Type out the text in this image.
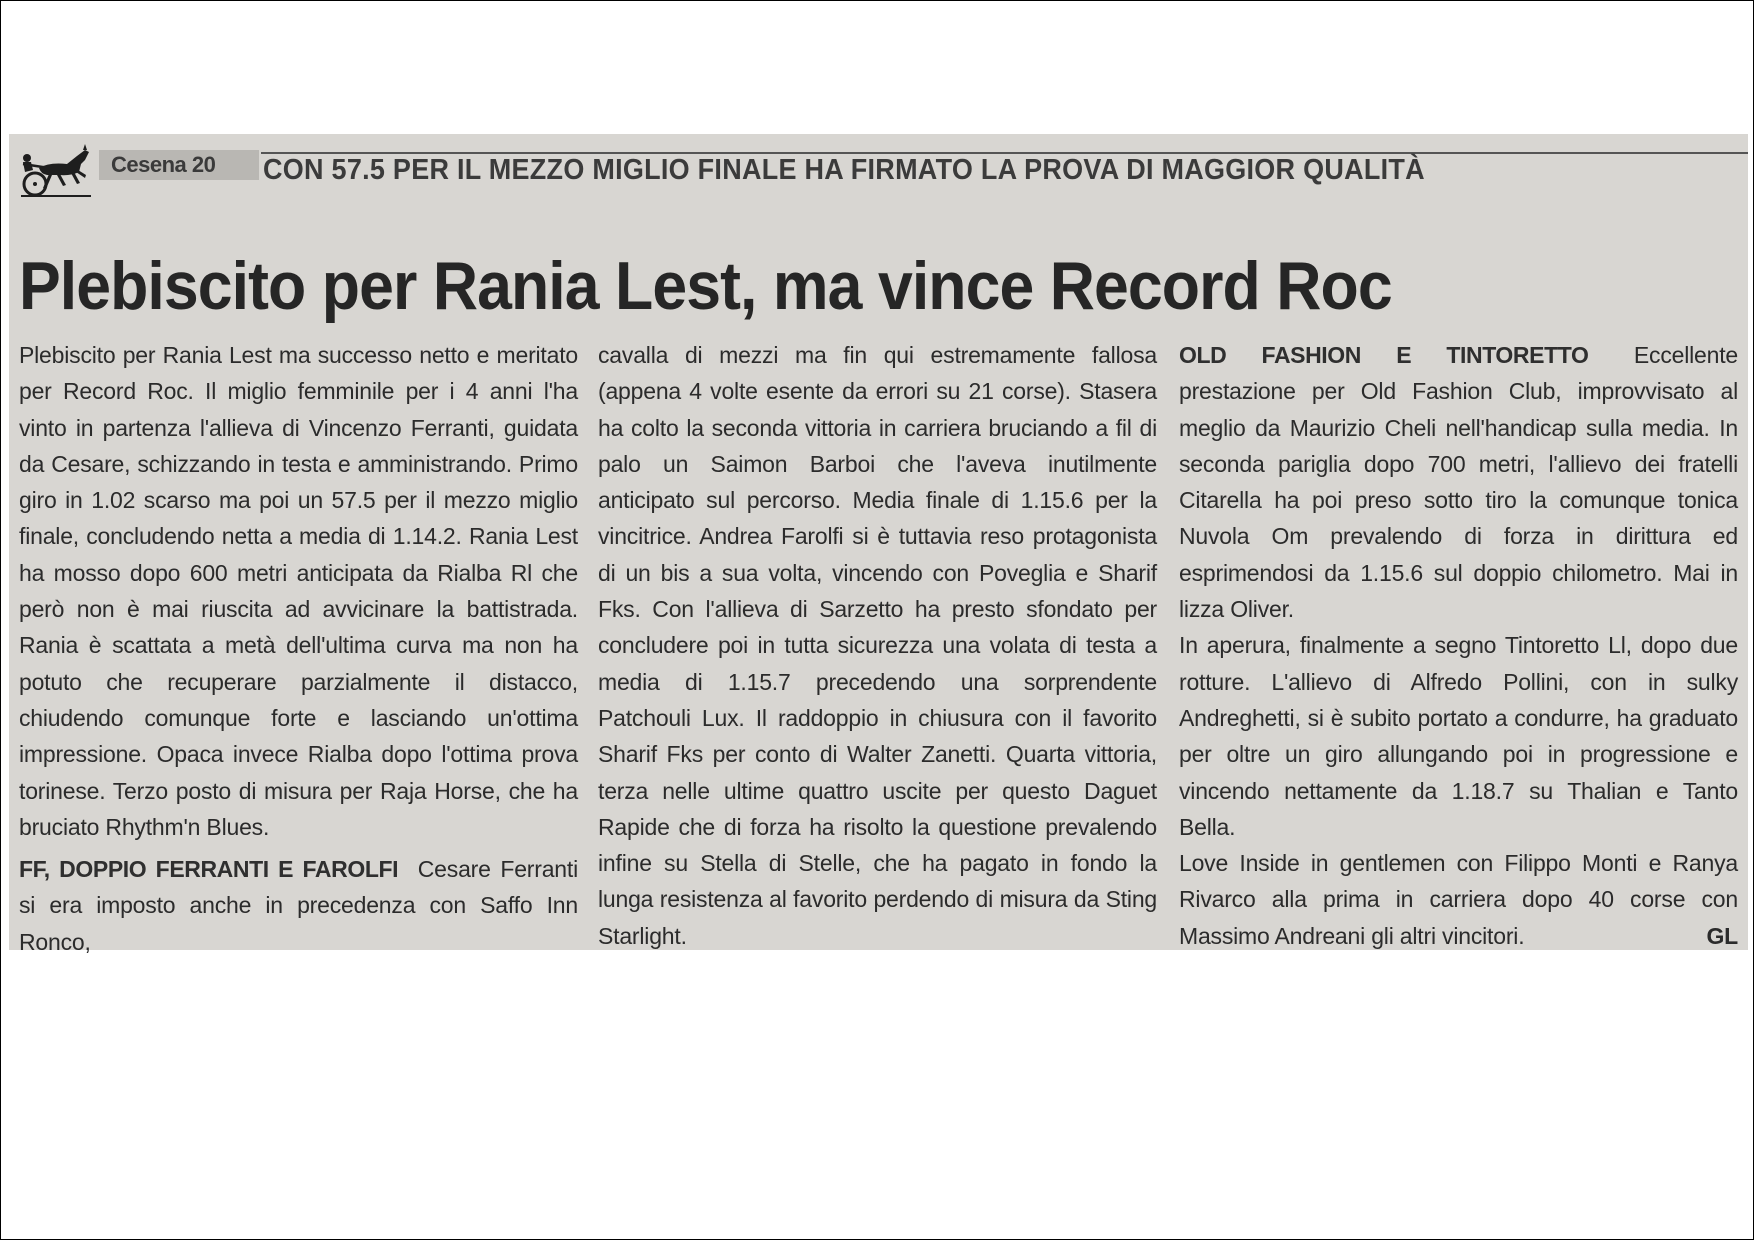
Cesena 20	CON 57.5 PER IL MEZZO MIGLIO FINALE HA FIRMATO LA PROVA DI MAGGIOR QUALITÀ
Plebiscito per Rania Lest, ma vince Record Roc

Plebiscito per Rania Lest ma successo netto e meritato per Record Roc. Il miglio femminile per i 4 anni l'ha vinto in partenza l'allieva di Vincenzo Ferranti, guidata da Cesare, schizzando in testa e amministrando. Primo giro in 1.02 scarso ma poi un 57.5 per il mezzo miglio finale, concludendo netta a media di 1.14.2. Rania Lest ha mosso dopo 600 metri anticipata da Rialba Rl che però non è mai riuscita ad avvicinare la battistrada. Rania è scattata a metà dell'ultima curva ma non ha potuto che recuperare parzialmente il distacco, chiudendo comunque forte e lasciando un'ottima impressione. Opaca invece Rialba dopo l'ottima prova torinese. Terzo posto di misura per Raja Horse, che ha bruciato Rhythm'n Blues.

FF, DOPPIO FERRANTI E FAROLFI Cesare Ferranti si era imposto anche in precedenza con Saffo Inn Ronco,

cavalla di mezzi ma fin qui estremamente fallosa (appena 4 volte esente da errori su 21 corse). Stasera ha colto la seconda vittoria in carriera bruciando a fil di palo un Saimon Barboi che l'aveva inutilmente anticipato sul percorso. Media finale di 1.15.6 per la vincitrice. Andrea Farolfi si è tuttavia reso protagonista di un bis a sua volta, vincendo con Poveglia e Sharif Fks. Con l'allieva di Sarzetto ha presto sfondato per concludere poi in tutta sicurezza una volata di testa a media di 1.15.7 precedendo una sorprendente Patchouli Lux. Il raddoppio in chiusura con il favorito Sharif Fks per conto di Walter Zanetti. Quarta vittoria, terza nelle ultime quattro uscite per questo Daguet Rapide che di forza ha risolto la questione prevalendo infine su Stella di Stelle, che ha pagato in fondo la lunga resistenza al favorito perdendo di misura da Sting Starlight.

OLD FASHION E TINTORETTO Eccellente prestazione per Old Fashion Club, improvvisato al meglio da Maurizio Cheli nell'handicap sulla media. In seconda pariglia dopo 700 metri, l'allievo dei fratelli Citarella ha poi preso sotto tiro la comunque tonica Nuvola Om prevalendo di forza in dirittura ed esprimendosi da 1.15.6 sul doppio chilometro. Mai in lizza Oliver.

In aperura, finalmente a segno Tintoretto Ll, dopo due rotture. L'allievo di Alfredo Pollini, con in sulky Andreghetti, si è subito portato a condurre, ha graduato per oltre un giro allungando poi in progressione e vincendo nettamente da 1.18.7 su Thalian e Tanto Bella.

Love Inside in gentlemen con Filippo Monti e Ranya Rivarco alla prima in carriera dopo 40 corse con Massimo Andreani gli altri vincitori.	GL
